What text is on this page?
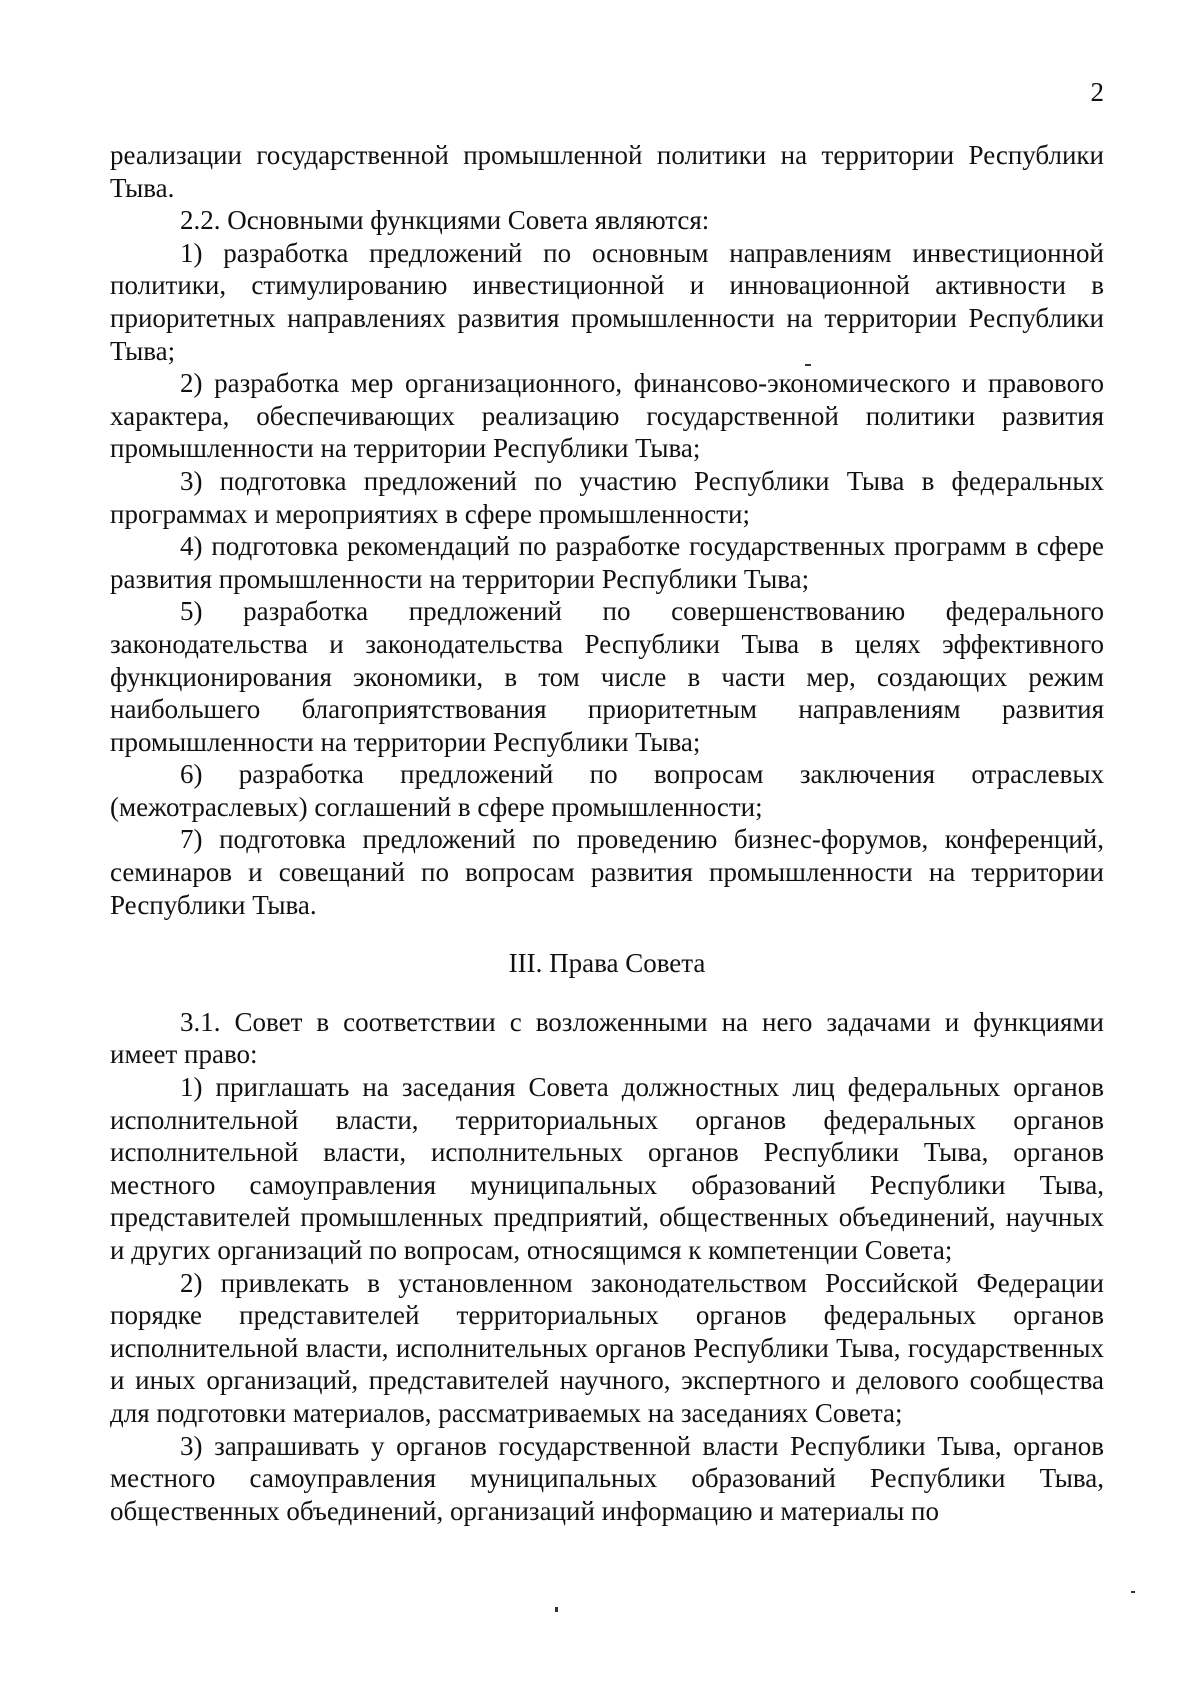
2

реализации государственной промышленной политики на территории Республики Тыва.

2.2. Основными функциями Совета являются:

1) разработка предложений по основным направлениям инвестиционной политики, стимулированию инвестиционной и инновационной активности в приоритетных направлениях развития промышленности на территории Республики Тыва;

2) разработка мер организационного, финансово-экономического и правового характера, обеспечивающих реализацию государственной политики развития промышленности на территории Республики Тыва;

3) подготовка предложений по участию Республики Тыва в федеральных программах и мероприятиях в сфере промышленности;

4) подготовка рекомендаций по разработке государственных программ в сфере развития промышленности на территории Республики Тыва;

5) разработка предложений по совершенствованию федерального законодательства и законодательства Республики Тыва в целях эффективного функционирования экономики, в том числе в части мер, создающих режим наибольшего благоприятствования приоритетным направлениям развития промышленности на территории Республики Тыва;

6) разработка предложений по вопросам заключения отраслевых (межотраслевых) соглашений в сфере промышленности;

7) подготовка предложений по проведению бизнес-форумов, конференций, семинаров и совещаний по вопросам развития промышленности на территории Республики Тыва.

III. Права Совета

3.1. Совет в соответствии с возложенными на него задачами и функциями имеет право:

1) приглашать на заседания Совета должностных лиц федеральных органов исполнительной власти, территориальных органов федеральных органов исполнительной власти, исполнительных органов Республики Тыва, органов местного самоуправления муниципальных образований Республики Тыва, представителей промышленных предприятий, общественных объединений, научных и других организаций по вопросам, относящимся к компетенции Совета;

2) привлекать в установленном законодательством Российской Федерации порядке представителей территориальных органов федеральных органов исполнительной власти, исполнительных органов Республики Тыва, государственных и иных организаций, представителей научного, экспертного и делового сообщества для подготовки материалов, рассматриваемых на заседаниях Совета;

3) запрашивать у органов государственной власти Республики Тыва, органов местного самоуправления муниципальных образований Республики Тыва, общественных объединений, организаций информацию и материалы по
